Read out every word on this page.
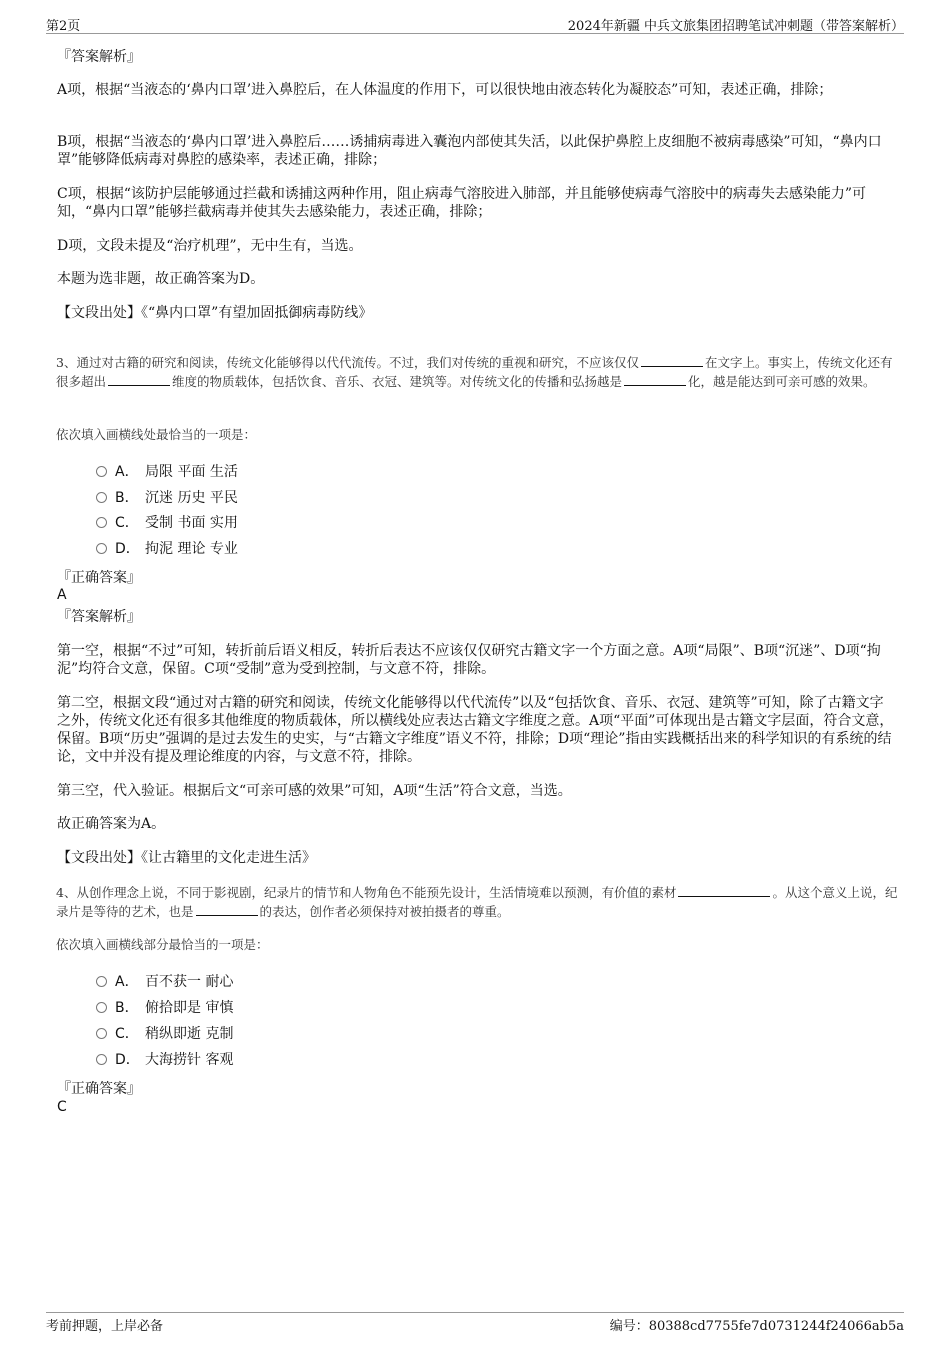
第2页	2024年新疆 中兵文旅集团招聘笔试冲刺题（带答案解析）

『答案解析』

A项，根据“当液态的‘鼻内口罩’进入鼻腔后，在人体温度的作用下，可以很快地由液态转化为凝胶态”可知，表述正确，排除；

B项，根据“当液态的‘鼻内口罩’进入鼻腔后……诱捕病毒进入囊泡内部使其失活，以此保护鼻腔上皮细胞不被病毒感染”可知，“鼻内口罩”能够降低病毒对鼻腔的感染率，表述正确，排除；

C项，根据“该防护层能够通过拦截和诱捕这两种作用，阻止病毒气溶胶进入肺部，并且能够使病毒气溶胶中的病毒失去感染能力”可知，“鼻内口罩”能够拦截病毒并使其失去感染能力，表述正确，排除；

D项，文段未提及“治疗机理”，无中生有，当选。

本题为选非题，故正确答案为D。

【文段出处】《“鼻内口罩”有望加固抵御病毒防线》

3、通过对古籍的研究和阅读，传统文化能够得以代代流传。不过，我们对传统的重视和研究，不应该仅仅	在文字上。事实上，传统文化还有很多超出	维度的物质载体，包括饮食、音乐、衣冠、建筑等。对传统文化的传播和弘扬越是	化，越是能达到可亲可感的效果。

依次填入画横线处最恰当的一项是：

A． 局限 平面 生活
B． 沉迷 历史 平民
C． 受制 书面 实用
D． 拘泥 理论 专业

『正确答案』

A

『答案解析』

第一空，根据“不过”可知，转折前后语义相反，转折后表达不应该仅仅研究古籍文字一个方面之意。A项“局限”、B项“沉迷”、D项“拘泥”均符合文意，保留。C项“受制”意为受到控制，与文意不符，排除。

第二空，根据文段“通过对古籍的研究和阅读，传统文化能够得以代代流传”以及“包括饮食、音乐、衣冠、建筑等”可知，除了古籍文字之外，传统文化还有很多其他维度的物质载体，所以横线处应表达古籍文字维度之意。A项“平面”可体现出是古籍文字层面，符合文意，保留。B项“历史”强调的是过去发生的史实，与“古籍文字维度”语义不符，排除；D项“理论”指由实践概括出来的科学知识的有系统的结论，文中并没有提及理论维度的内容，与文意不符，排除。

第三空，代入验证。根据后文“可亲可感的效果”可知，A项“生活”符合文意，当选。

故正确答案为A。

【文段出处】《让古籍里的文化走进生活》

4、从创作理念上说，不同于影视剧，纪录片的情节和人物角色不能预先设计，生活情境难以预测，有价值的素材	。从这个意义上说，纪录片是等待的艺术，也是	的表达，创作者必须保持对被拍摄者的尊重。

依次填入画横线部分最恰当的一项是：

A． 百不获一 耐心
B． 俯拾即是 审慎
C． 稍纵即逝 克制
D． 大海捞针 客观

『正确答案』

C

考前押题，上岸必备	编号：80388cd7755fe7d0731244f24066ab5a
